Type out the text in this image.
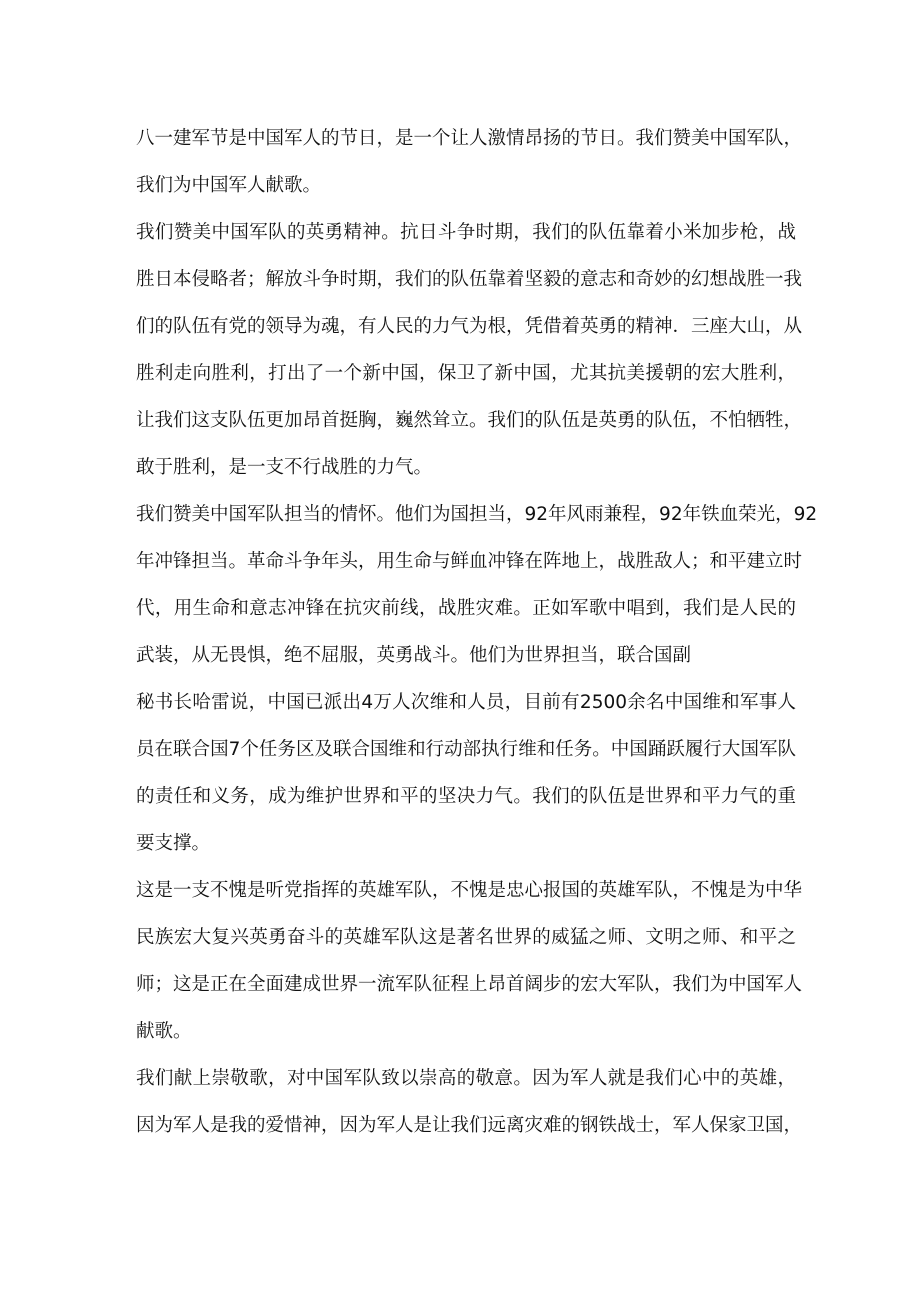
八一建军节是中国军人的节日，是一个让人激情昂扬的节日。我们赞美中国军队，
我们为中国军人献歌。
我们赞美中国军队的英勇精神。抗日斗争时期，我们的队伍靠着小米加步枪，战
胜日本侵略者；解放斗争时期，我们的队伍靠着坚毅的意志和奇妙的幻想战胜一我
们的队伍有党的领导为魂，有人民的力气为根，凭借着英勇的精神．三座大山，从
胜利走向胜利，打出了一个新中国，保卫了新中国，尤其抗美援朝的宏大胜利，
让我们这支队伍更加昂首挺胸，巍然耸立。我们的队伍是英勇的队伍，不怕牺牲，
敢于胜利，是一支不行战胜的力气。
我们赞美中国军队担当的情怀。他们为国担当，92年风雨兼程，92年铁血荣光，92
年冲锋担当。革命斗争年头，用生命与鲜血冲锋在阵地上，战胜敌人；和平建立时
代，用生命和意志冲锋在抗灾前线，战胜灾难。正如军歌中唱到，我们是人民的
武装，从无畏惧，绝不屈服，英勇战斗。他们为世界担当，联合国副
秘书长哈雷说，中国已派出4万人次维和人员，目前有2500余名中国维和军事人
员在联合国7个任务区及联合国维和行动部执行维和任务。中国踊跃履行大国军队
的责任和义务，成为维护世界和平的坚决力气。我们的队伍是世界和平力气的重
要支撑。
这是一支不愧是听党指挥的英雄军队，不愧是忠心报国的英雄军队，不愧是为中华
民族宏大复兴英勇奋斗的英雄军队这是著名世界的威猛之师、文明之师、和平之
师；这是正在全面建成世界一流军队征程上昂首阔步的宏大军队，我们为中国军人
献歌。
我们献上崇敬歌，对中国军队致以崇高的敬意。因为军人就是我们心中的英雄，
因为军人是我的爱惜神，因为军人是让我们远离灾难的钢铁战士，军人保家卫国，
